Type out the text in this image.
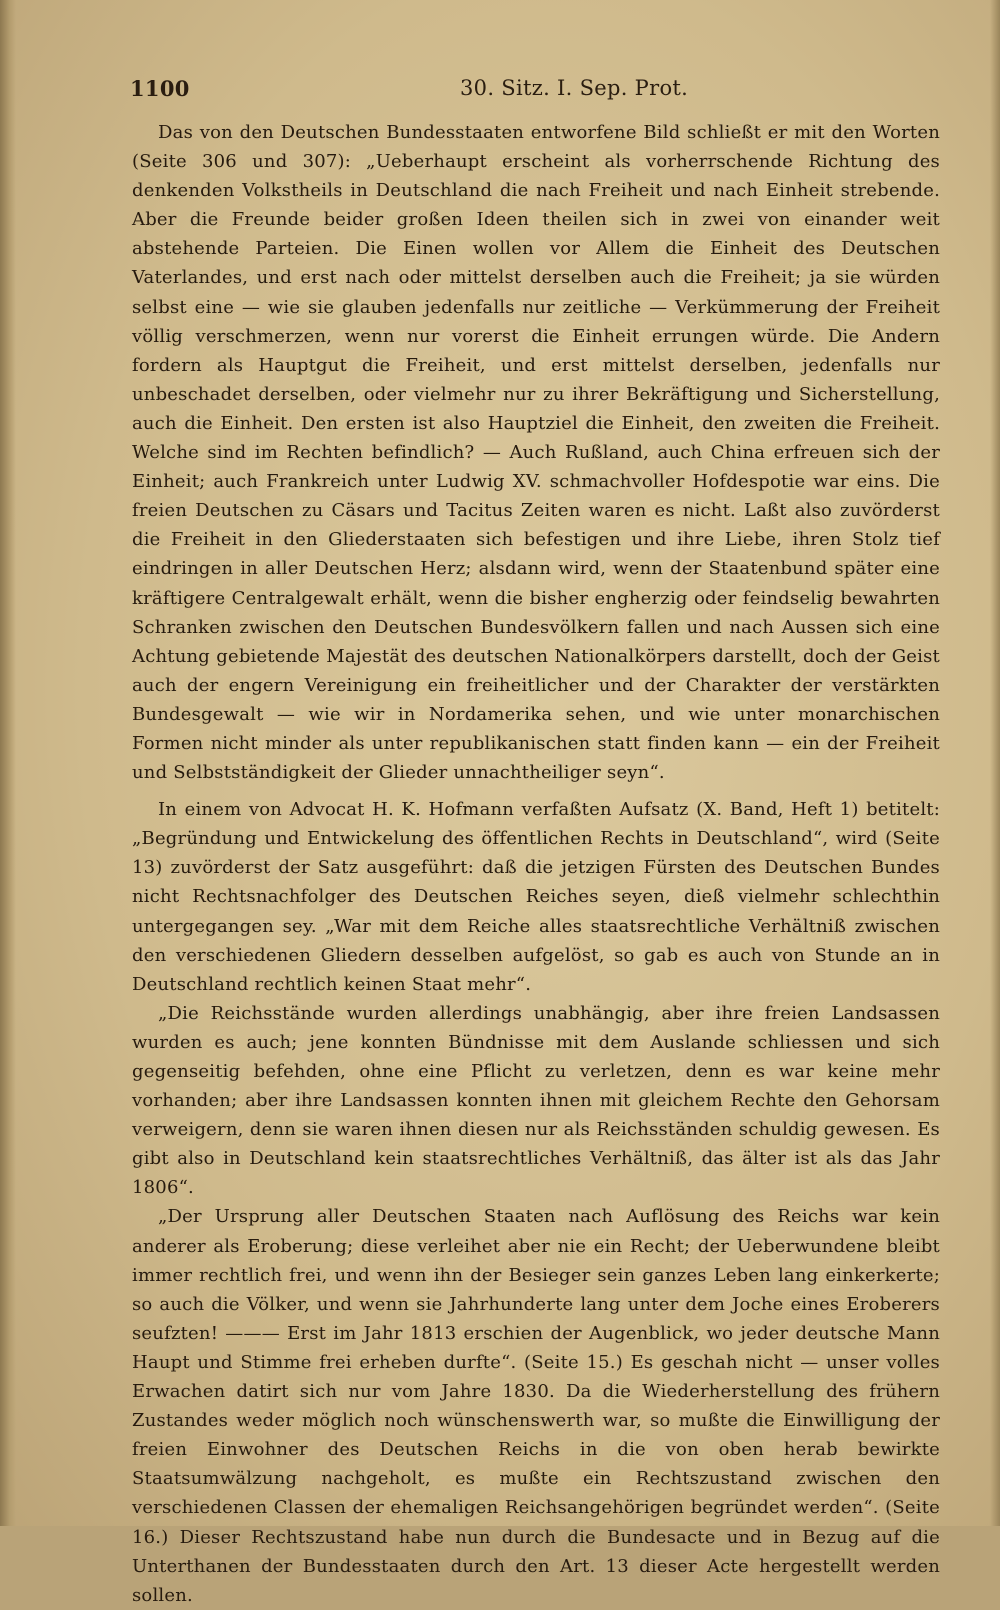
1100	30. Sitz. I. Sep. Prot.

Das von den Deutschen Bundesstaaten entworfene Bild schließt er mit den Worten (Seite 306 und 307): „Ueberhaupt erscheint als vorherrschende Richtung des denkenden Volkstheils in Deutschland die nach Freiheit und nach Einheit strebende. Aber die Freunde beider großen Ideen theilen sich in zwei von einander weit abstehende Parteien. Die Einen wollen vor Allem die Einheit des Deutschen Vaterlandes, und erst nach oder mittelst derselben auch die Freiheit; ja sie würden selbst eine — wie sie glauben jedenfalls nur zeitliche — Verkümmerung der Freiheit völlig verschmerzen, wenn nur vorerst die Einheit errungen würde. Die Andern fordern als Hauptgut die Freiheit, und erst mittelst derselben, jedenfalls nur unbeschadet derselben, oder vielmehr nur zu ihrer Bekräftigung und Sicherstellung, auch die Einheit. Den ersten ist also Hauptziel die Einheit, den zweiten die Freiheit. Welche sind im Rechten befindlich? — Auch Rußland, auch China erfreuen sich der Einheit; auch Frankreich unter Ludwig XV. schmachvoller Hofdespotie war eins. Die freien Deutschen zu Cäsars und Tacitus Zeiten waren es nicht. Laßt also zuvörderst die Freiheit in den Gliederstaaten sich befestigen und ihre Liebe, ihren Stolz tief eindringen in aller Deutschen Herz; alsdann wird, wenn der Staatenbund später eine kräftigere Centralgewalt erhält, wenn die bisher engherzig oder feindselig bewahrten Schranken zwischen den Deutschen Bundesvölkern fallen und nach Aussen sich eine Achtung gebietende Majestät des deutschen Nationalkörpers darstellt, doch der Geist auch der engern Vereinigung ein freiheitlicher und der Charakter der verstärkten Bundesgewalt — wie wir in Nordamerika sehen, und wie unter monarchischen Formen nicht minder als unter republikanischen statt finden kann — ein der Freiheit und Selbstständigkeit der Glieder unnachtheiliger seyn“.

In einem von Advocat H. K. Hofmann verfaßten Aufsatz (X. Band, Heft 1) betitelt: „Begründung und Entwickelung des öffentlichen Rechts in Deutschland“, wird (Seite 13) zuvörderst der Satz ausgeführt: daß die jetzigen Fürsten des Deutschen Bundes nicht Rechtsnachfolger des Deutschen Reiches seyen, dieß vielmehr schlechthin untergegangen sey. „War mit dem Reiche alles staatsrechtliche Verhältniß zwischen den verschiedenen Gliedern desselben aufgelöst, so gab es auch von Stunde an in Deutschland rechtlich keinen Staat mehr“.

„Die Reichsstände wurden allerdings unabhängig, aber ihre freien Landsassen wurden es auch; jene konnten Bündnisse mit dem Auslande schliessen und sich gegenseitig befehden, ohne eine Pflicht zu verletzen, denn es war keine mehr vorhanden; aber ihre Landsassen konnten ihnen mit gleichem Rechte den Gehorsam verweigern, denn sie waren ihnen diesen nur als Reichsständen schuldig gewesen. Es gibt also in Deutschland kein staatsrechtliches Verhältniß, das älter ist als das Jahr 1806“.

„Der Ursprung aller Deutschen Staaten nach Auflösung des Reichs war kein anderer als Eroberung; diese verleihet aber nie ein Recht; der Ueberwundene bleibt immer rechtlich frei, und wenn ihn der Besieger sein ganzes Leben lang einkerkerte; so auch die Völker, und wenn sie Jahrhunderte lang unter dem Joche eines Eroberers seufzten! ——— Erst im Jahr 1813 erschien der Augenblick, wo jeder deutsche Mann Haupt und Stimme frei erheben durfte“. (Seite 15.) Es geschah nicht — unser volles Erwachen datirt sich nur vom Jahre 1830. Da die Wiederherstellung des frühern Zustandes weder möglich noch wünschenswerth war, so mußte die Einwilligung der freien Einwohner des Deutschen Reichs in die von oben herab bewirkte Staatsumwälzung nachgeholt, es mußte ein Rechtszustand zwischen den verschiedenen Classen der ehemaligen Reichsangehörigen begründet werden“. (Seite 16.) Dieser Rechtszustand habe nun durch die Bundesacte und in Bezug auf die Unterthanen der Bundesstaaten durch den Art. 13 dieser Acte hergestellt werden sollen.
